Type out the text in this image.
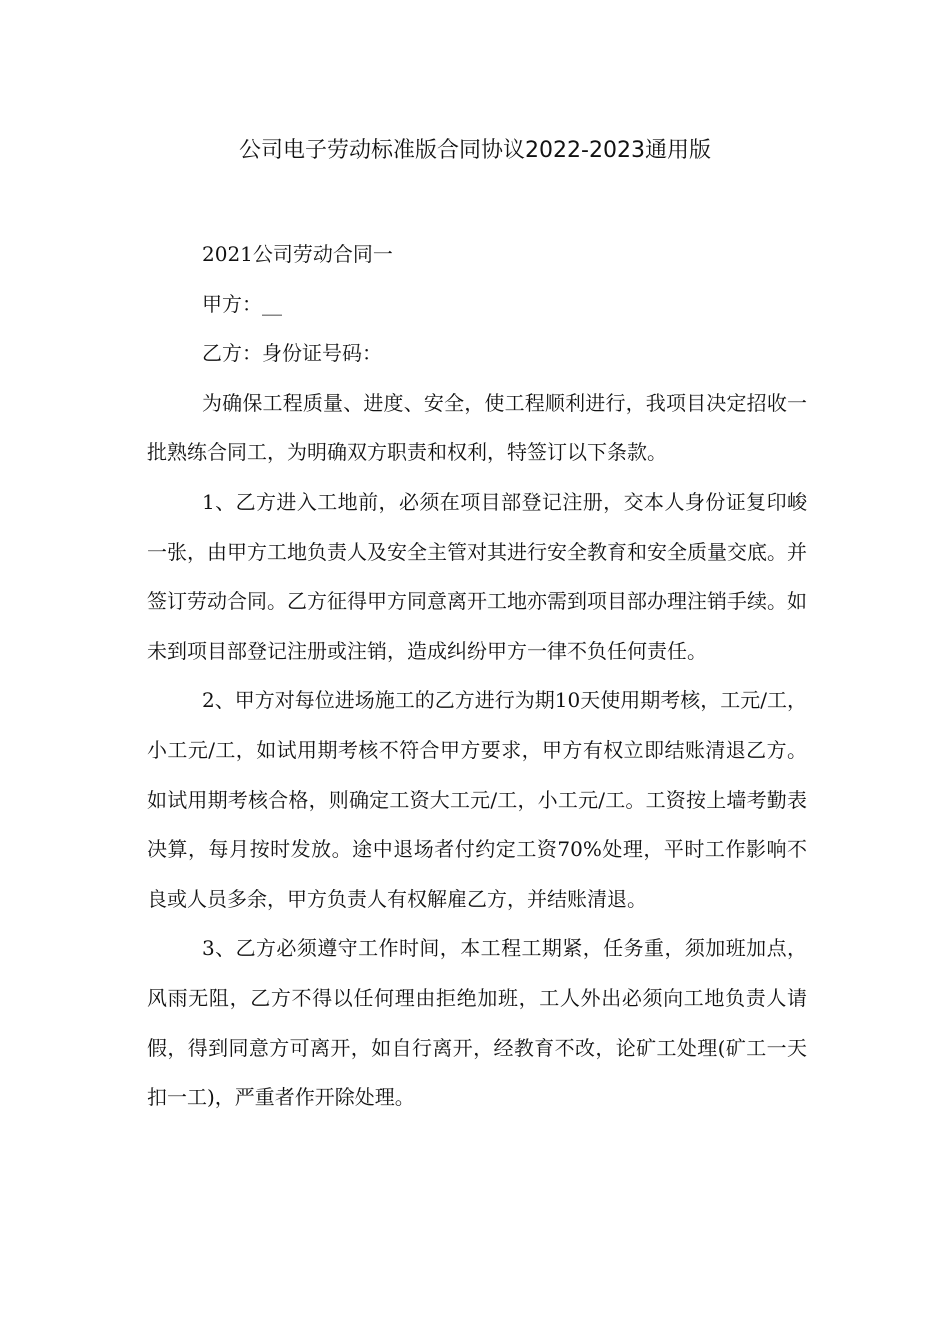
公司电子劳动标准版合同协议2022-2023通用版

2021公司劳动合同一

甲方：__

乙方：身份证号码：

为确保工程质量、进度、安全，使工程顺利进行，我项目决定招收一批熟练合同工，为明确双方职责和权利，特签订以下条款。

1、乙方进入工地前，必须在项目部登记注册，交本人身份证复印峻一张，由甲方工地负责人及安全主管对其进行安全教育和安全质量交底。并签订劳动合同。乙方征得甲方同意离开工地亦需到项目部办理注销手续。如未到项目部登记注册或注销，造成纠纷甲方一律不负任何责任。

2、甲方对每位进场施工的乙方进行为期10天使用期考核，工元/工，小工元/工，如试用期考核不符合甲方要求，甲方有权立即结账清退乙方。如试用期考核合格，则确定工资大工元/工，小工元/工。工资按上墙考勤表决算，每月按时发放。途中退场者付约定工资70%处理，平时工作影响不良或人员多余，甲方负责人有权解雇乙方，并结账清退。

3、乙方必须遵守工作时间，本工程工期紧，任务重，须加班加点，风雨无阻，乙方不得以任何理由拒绝加班，工人外出必须向工地负责人请假，得到同意方可离开，如自行离开，经教育不改，论矿工处理(矿工一天扣一工)，严重者作开除处理。
